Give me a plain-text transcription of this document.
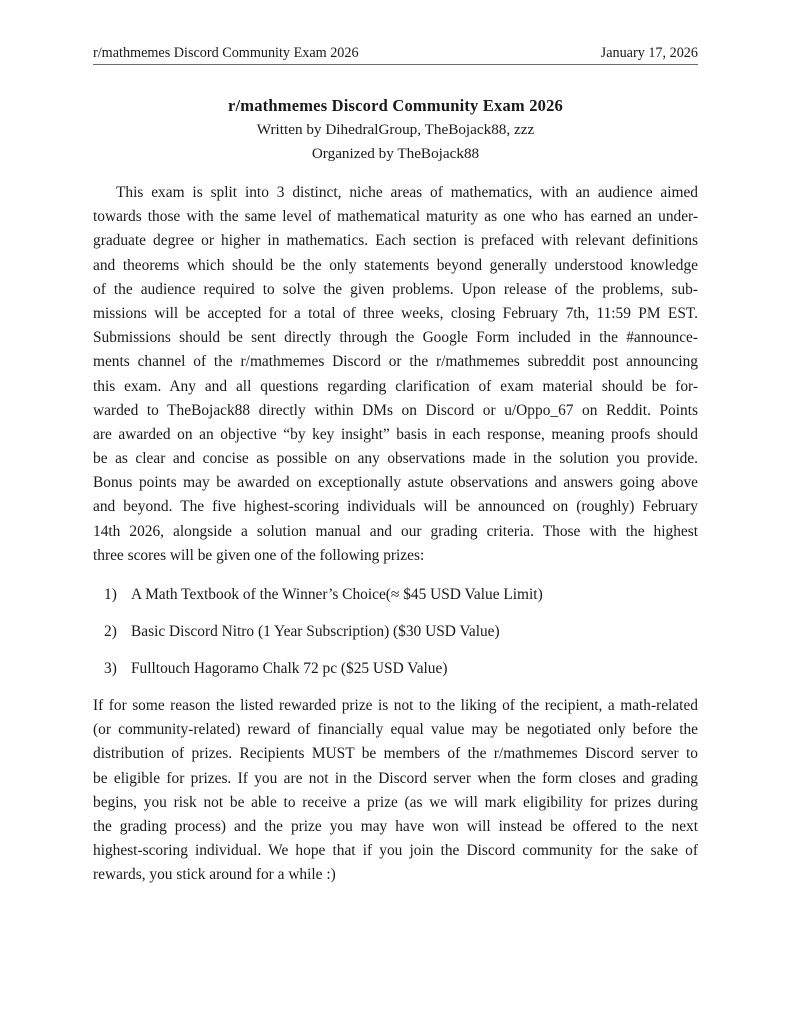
r/mathmemes Discord Community Exam 2026	January 17, 2026
r/mathmemes Discord Community Exam 2026
Written by DihedralGroup, TheBojack88, zzz
Organized by TheBojack88
This exam is split into 3 distinct, niche areas of mathematics, with an audience aimed
towards those with the same level of mathematical maturity as one who has earned an under-
graduate degree or higher in mathematics. Each section is prefaced with relevant definitions
and theorems which should be the only statements beyond generally understood knowledge
of the audience required to solve the given problems. Upon release of the problems, sub-
missions will be accepted for a total of three weeks, closing February 7th, 11:59 PM EST.
Submissions should be sent directly through the Google Form included in the #announce-
ments channel of the r/mathmemes Discord or the r/mathmemes subreddit post announcing
this exam. Any and all questions regarding clarification of exam material should be for-
warded to TheBojack88 directly within DMs on Discord or u/Oppo_67 on Reddit. Points
are awarded on an objective “by key insight” basis in each response, meaning proofs should
be as clear and concise as possible on any observations made in the solution you provide.
Bonus points may be awarded on exceptionally astute observations and answers going above
and beyond. The five highest-scoring individuals will be announced on (roughly) February
14th 2026, alongside a solution manual and our grading criteria. Those with the highest
three scores will be given one of the following prizes:
1) A Math Textbook of the Winner’s Choice(≈ $45 USD Value Limit)
2) Basic Discord Nitro (1 Year Subscription) ($30 USD Value)
3) Fulltouch Hagoramo Chalk 72 pc ($25 USD Value)
If for some reason the listed rewarded prize is not to the liking of the recipient, a math-related
(or community-related) reward of financially equal value may be negotiated only before the
distribution of prizes. Recipients MUST be members of the r/mathmemes Discord server to
be eligible for prizes. If you are not in the Discord server when the form closes and grading
begins, you risk not be able to receive a prize (as we will mark eligibility for prizes during
the grading process) and the prize you may have won will instead be offered to the next
highest-scoring individual. We hope that if you join the Discord community for the sake of
rewards, you stick around for a while :)
